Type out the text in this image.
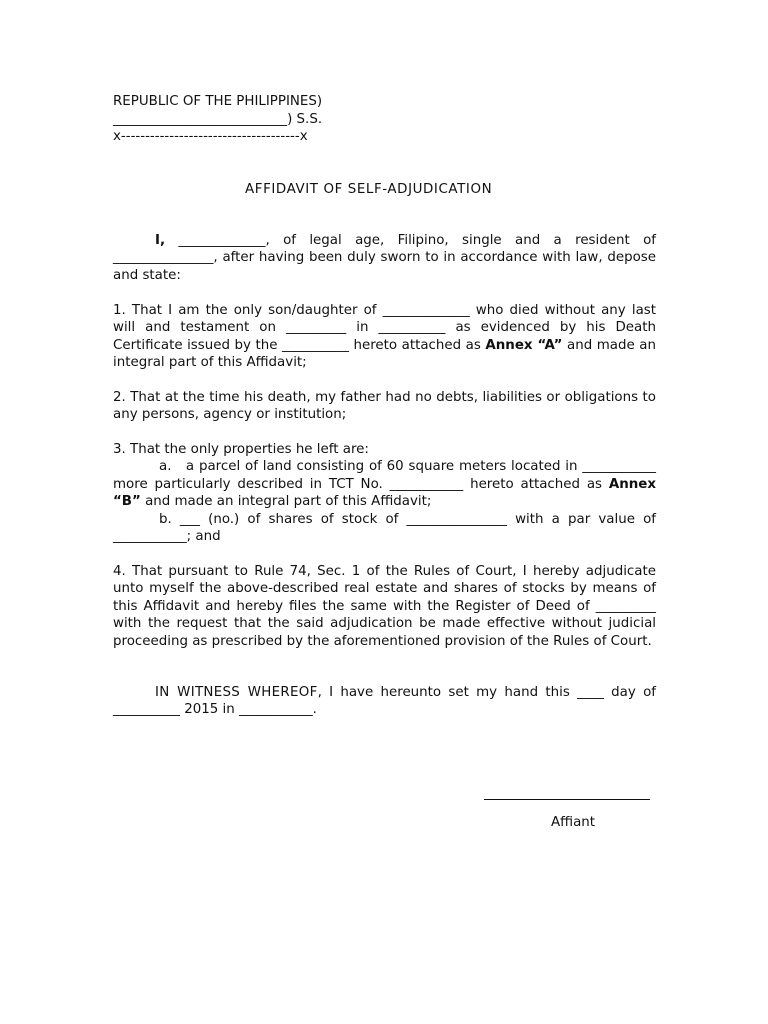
REPUBLIC OF THE PHILIPPINES)
__________________________) S.S.
x-------------------------------------x
AFFIDAVIT OF SELF-ADJUDICATION

I, _____________, of legal age, Filipino, single and a resident of _______________, after having been duly sworn to in accordance with law, depose and state:

1. That I am the only son/daughter of _____________ who died without any last will and testament on _________ in __________ as evidenced by his Death Certificate issued by the __________ hereto attached as Annex “A” and made an integral part of this Affidavit;

2. That at the time his death, my father had no debts, liabilities or obligations to any persons, agency or institution;

3. That the only properties he left are:

a. a parcel of land consisting of 60 square meters located in ___________ more particularly described in TCT No. ___________ hereto attached as Annex “B” and made an integral part of this Affidavit;

b. ___ (no.) of shares of stock of _______________ with a par value of ___________; and

4. That pursuant to Rule 74, Sec. 1 of the Rules of Court, I hereby adjudicate unto myself the above-described real estate and shares of stocks by means of this Affidavit and hereby files the same with the Register of Deed of _________ with the request that the said adjudication be made effective without judicial proceeding as prescribed by the aforementioned provision of the Rules of Court.

IN WITNESS WHEREOF, I have hereunto set my hand this ____ day of __________ 2015 in ___________.

Affiant
